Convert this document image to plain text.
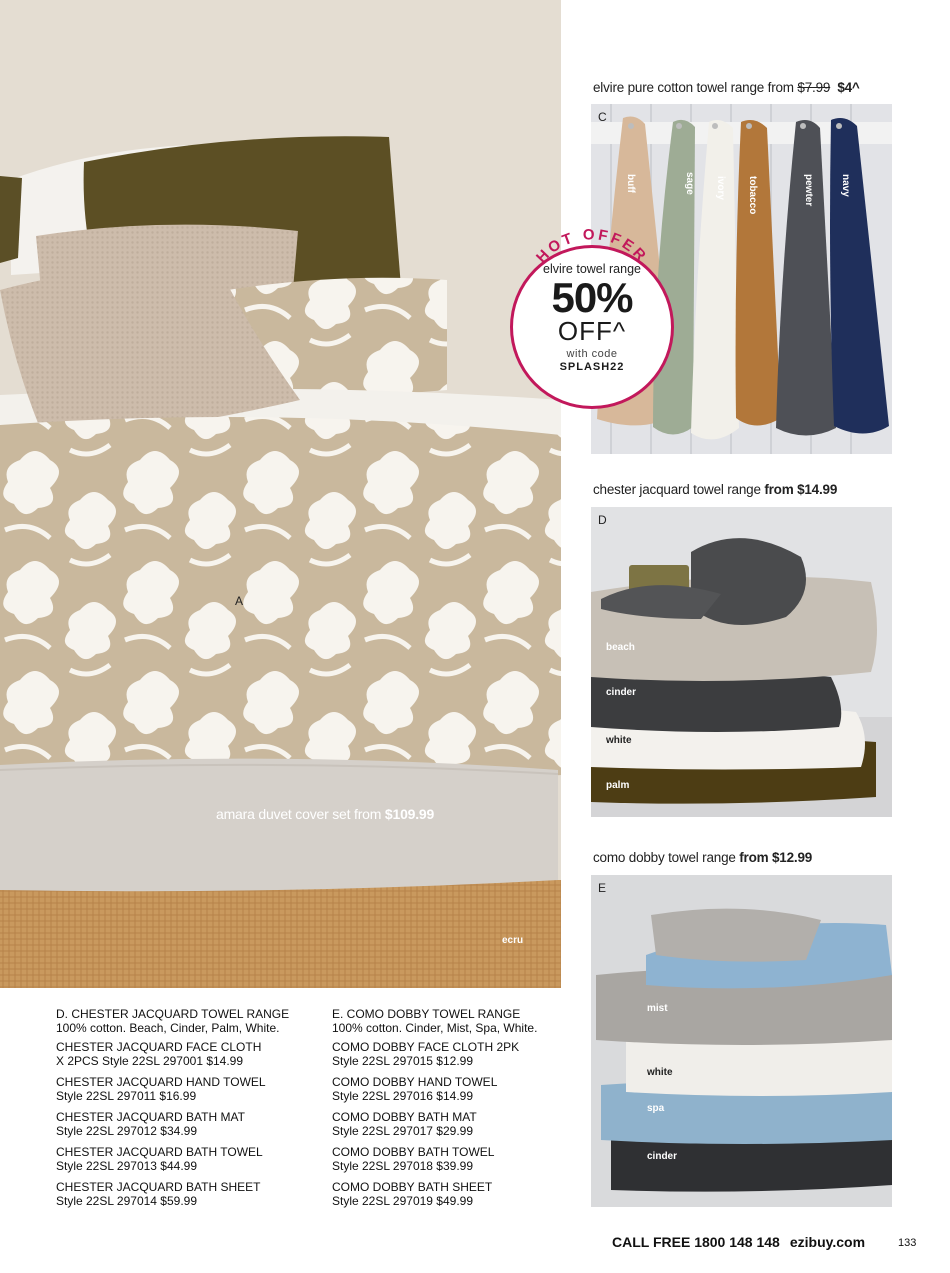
A
amara duvet cover set from $109.99
ecru
elvire pure cotton towel range from $7.99 $4^
C
buff	sage ivory tobacco	pewter	navy
HOT OFFER
elvire towel range
50%
OFF^
with code
SPLASH22
chester jacquard towel range from $14.99
D
beach
cinder
white
palm
como dobby towel range from $12.99
E
mist
white
spa
cinder
D. CHESTER JACQUARD TOWEL RANGE
100% cotton. Beach, Cinder, Palm, White.
CHESTER JACQUARD FACE CLOTH
X 2PCS Style 22SL 297001 $14.99
CHESTER JACQUARD HAND TOWEL
Style 22SL 297011 $16.99
CHESTER JACQUARD BATH MAT
Style 22SL 297012 $34.99
CHESTER JACQUARD BATH TOWEL
Style 22SL 297013 $44.99
CHESTER JACQUARD BATH SHEET
Style 22SL 297014 $59.99
E. COMO DOBBY TOWEL RANGE
100% cotton. Cinder, Mist, Spa, White.
COMO DOBBY FACE CLOTH 2PK
Style 22SL 297015 $12.99
COMO DOBBY HAND TOWEL
Style 22SL 297016 $14.99
COMO DOBBY BATH MAT
Style 22SL 297017 $29.99
COMO DOBBY BATH TOWEL
Style 22SL 297018 $39.99
COMO DOBBY BATH SHEET
Style 22SL 297019 $49.99
CALL FREE 1800 148 148 ezibuy.com	133
